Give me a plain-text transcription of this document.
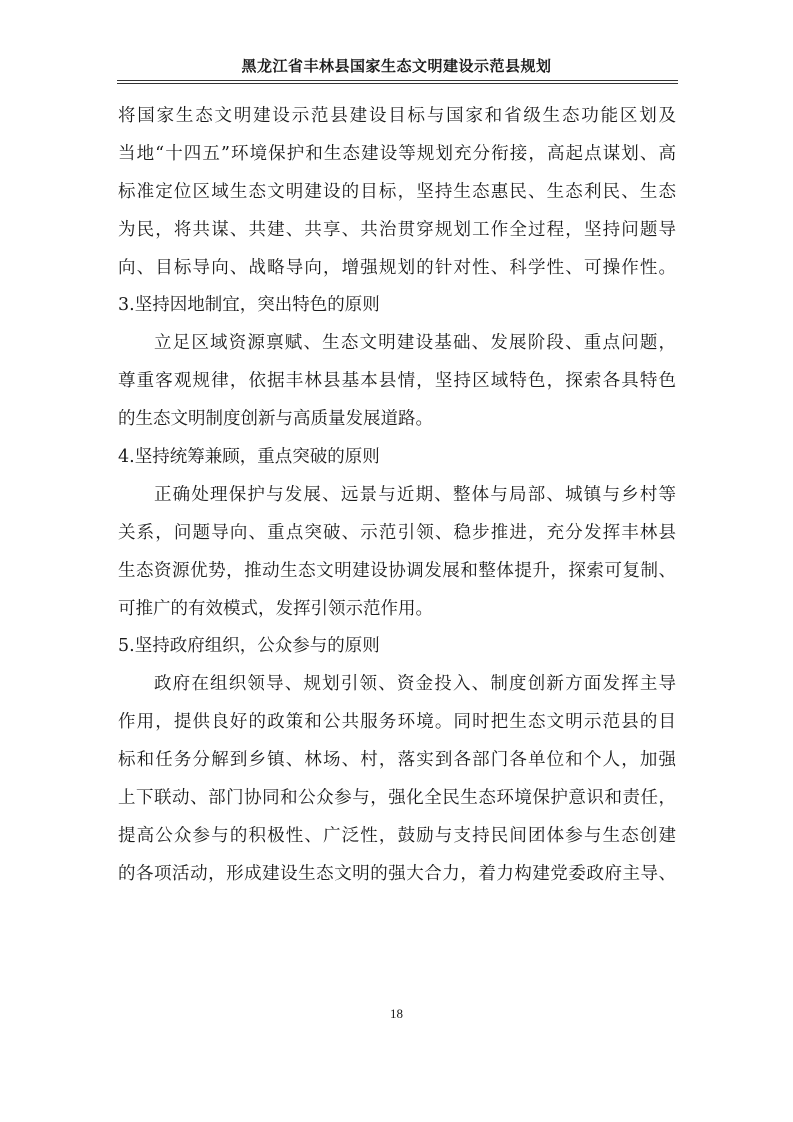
黑龙江省丰林县国家生态文明建设示范县规划

将国家生态文明建设示范县建设目标与国家和省级生态功能区划及

当地“十四五”环境保护和生态建设等规划充分衔接，高起点谋划、高

标准定位区域生态文明建设的目标，坚持生态惠民、生态利民、生态

为民，将共谋、共建、共享、共治贯穿规划工作全过程，坚持问题导

向、目标导向、战略导向，增强规划的针对性、科学性、可操作性。

3.坚持因地制宜，突出特色的原则

立足区域资源禀赋、生态文明建设基础、发展阶段、重点问题，

尊重客观规律，依据丰林县基本县情，坚持区域特色，探索各具特色

的生态文明制度创新与高质量发展道路。

4.坚持统筹兼顾，重点突破的原则

正确处理保护与发展、远景与近期、整体与局部、城镇与乡村等

关系，问题导向、重点突破、示范引领、稳步推进，充分发挥丰林县

生态资源优势，推动生态文明建设协调发展和整体提升，探索可复制、

可推广的有效模式，发挥引领示范作用。

5.坚持政府组织，公众参与的原则

政府在组织领导、规划引领、资金投入、制度创新方面发挥主导

作用，提供良好的政策和公共服务环境。同时把生态文明示范县的目

标和任务分解到乡镇、林场、村，落实到各部门各单位和个人，加强

上下联动、部门协同和公众参与，强化全民生态环境保护意识和责任，

提高公众参与的积极性、广泛性，鼓励与支持民间团体参与生态创建

的各项活动，形成建设生态文明的强大合力，着力构建党委政府主导、

18
